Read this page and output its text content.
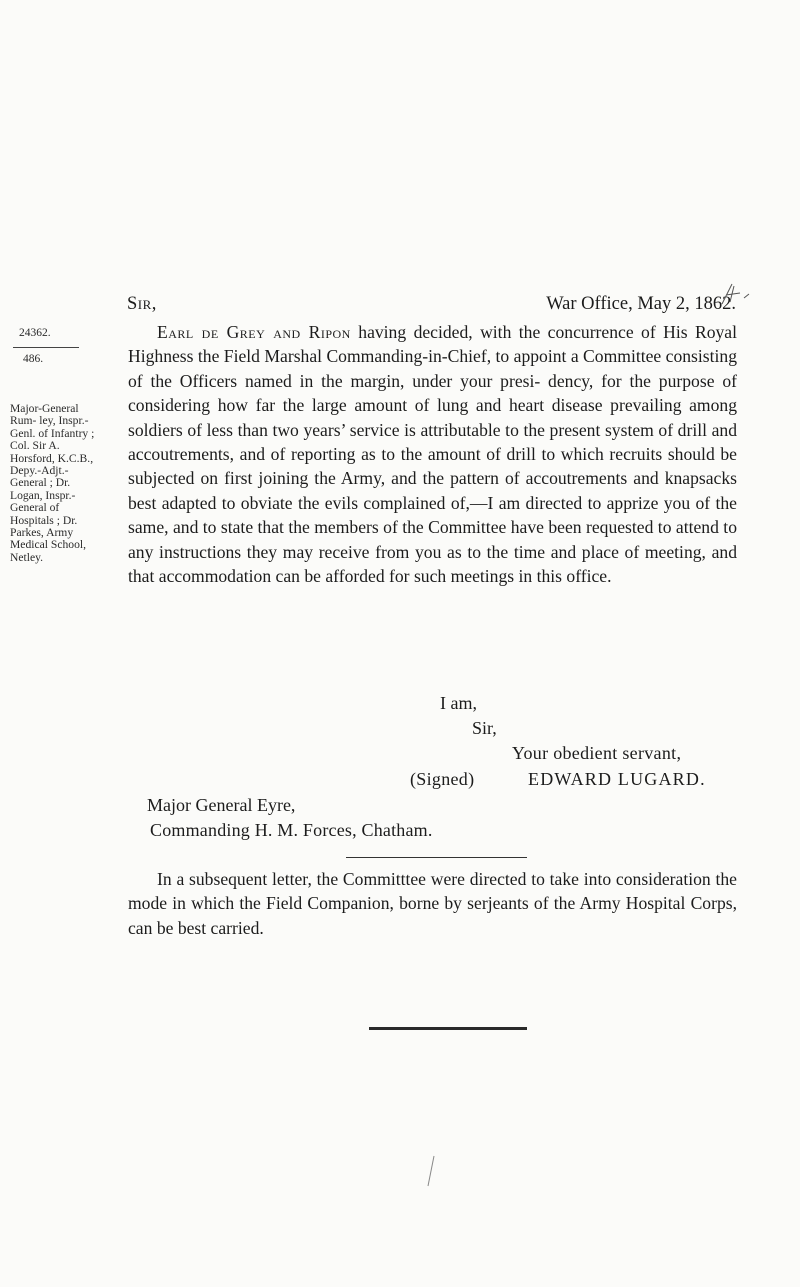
24362.
486.
Major-General Rum- ley, Inspr.-Genl. of Infantry ; Col. Sir A. Horsford, K.C.B., Depy.-Adjt.-General ; Dr. Logan, Inspr.- General of Hospitals ; Dr. Parkes, Army Medical School, Netley.
Sir,	War Office, May 2, 1862.
Earl de Grey and Ripon having decided, with the concurrence of His Royal Highness the Field Marshal Commanding-in-Chief, to appoint a Committee consisting of the Officers named in the margin, under your presi- dency, for the purpose of considering how far the large amount of lung and heart disease prevailing among soldiers of less than two years’ service is attributable to the present system of drill and accoutrements, and of reporting as to the amount of drill to which recruits should be subjected on first joining the Army, and the pattern of accoutrements and knapsacks best adapted to obviate the evils complained of,—I am directed to apprize you of the same, and to state that the members of the Committee have been requested to attend to any instructions they may receive from you as to the time and place of meeting, and that accommodation can be afforded for such meetings in this office.
I am,
Sir,
Your obedient servant,
(Signed)	EDWARD LUGARD.
Major General Eyre,
Commanding H. M. Forces, Chatham.
In a subsequent letter, the Committtee were directed to take into consideration the mode in which the Field Companion, borne by serjeants of the Army Hospital Corps, can be best carried.
